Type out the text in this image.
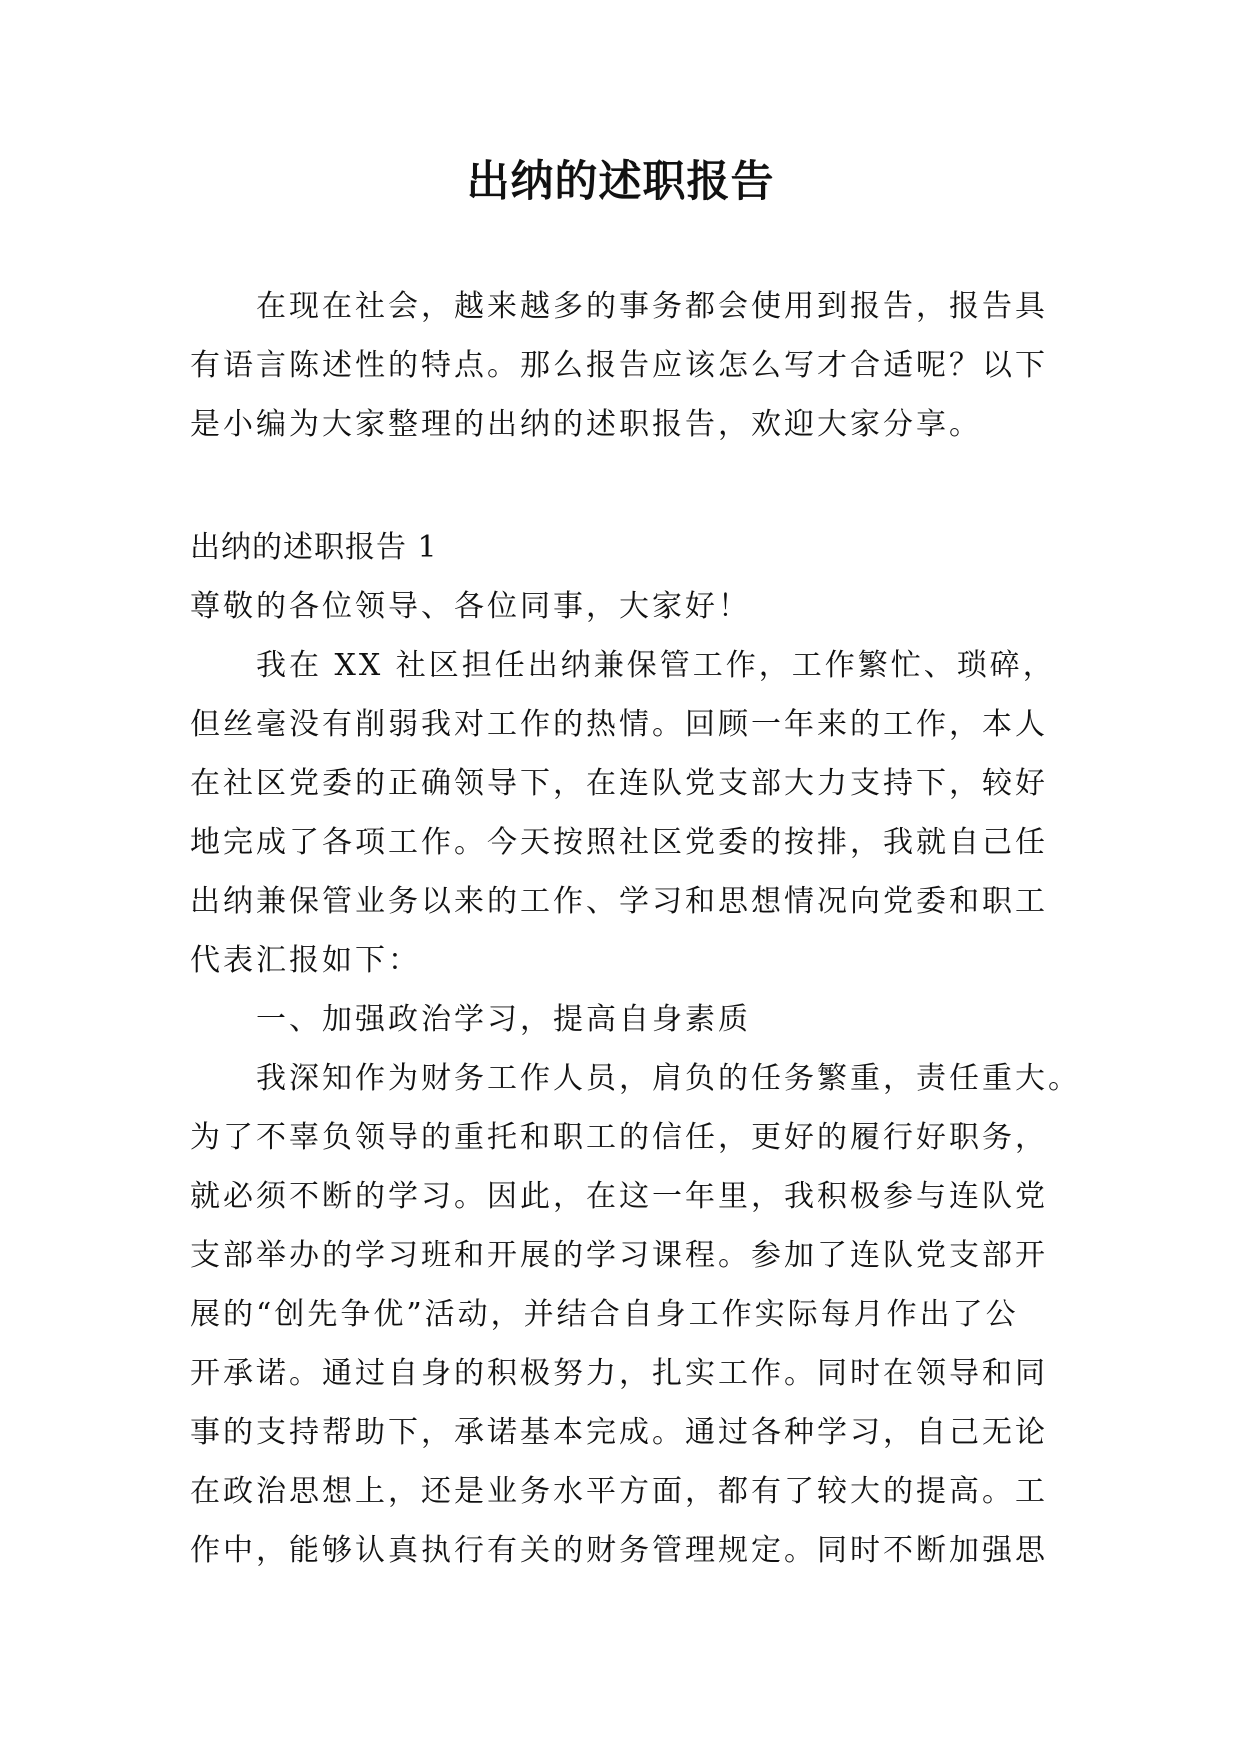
出纳的述职报告
在现在社会，越来越多的事务都会使用到报告，报告具
有语言陈述性的特点。那么报告应该怎么写才合适呢？以下
是小编为大家整理的出纳的述职报告，欢迎大家分享。
出纳的述职报告 1
尊敬的各位领导、各位同事，大家好！
我在 XX 社区担任出纳兼保管工作，工作繁忙、琐碎，
但丝毫没有削弱我对工作的热情。回顾一年来的工作，本人
在社区党委的正确领导下，在连队党支部大力支持下，较好
地完成了各项工作。今天按照社区党委的按排，我就自己任
出纳兼保管业务以来的工作、学习和思想情况向党委和职工
代表汇报如下：
一、加强政治学习，提高自身素质
我深知作为财务工作人员，肩负的任务繁重，责任重大。
为了不辜负领导的重托和职工的信任，更好的履行好职务，
就必须不断的学习。因此，在这一年里，我积极参与连队党
支部举办的学习班和开展的学习课程。参加了连队党支部开
展的“创先争优”活动，并结合自身工作实际每月作出了公
开承诺。通过自身的积极努力，扎实工作。同时在领导和同
事的支持帮助下，承诺基本完成。通过各种学习，自己无论
在政治思想上，还是业务水平方面，都有了较大的提高。工
作中，能够认真执行有关的财务管理规定。同时不断加强思
